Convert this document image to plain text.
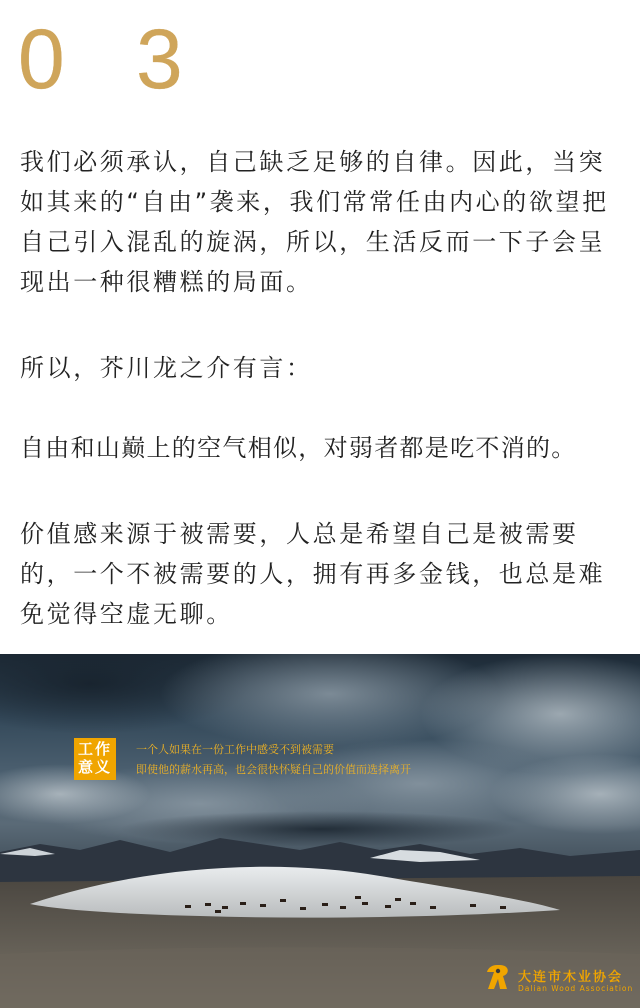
0 3

我们必须承认，自己缺乏足够的自律。因此，当突如其来的“自由”袭来，我们常常任由内心的欲望把自己引入混乱的旋涡，所以，生活反而一下子会呈现出一种很糟糕的局面。

所以，芥川龙之介有言：

自由和山巅上的空气相似，对弱者都是吃不消的。

价值感来源于被需要，人总是希望自己是被需要的，一个不被需要的人，拥有再多金钱，也总是难免觉得空虚无聊。

工作
意义
一个人如果在一份工作中感受不到被需要
即使他的薪水再高，也会很快怀疑自己的价值而选择离开
大连市木业协会
Dalian Wood Association
